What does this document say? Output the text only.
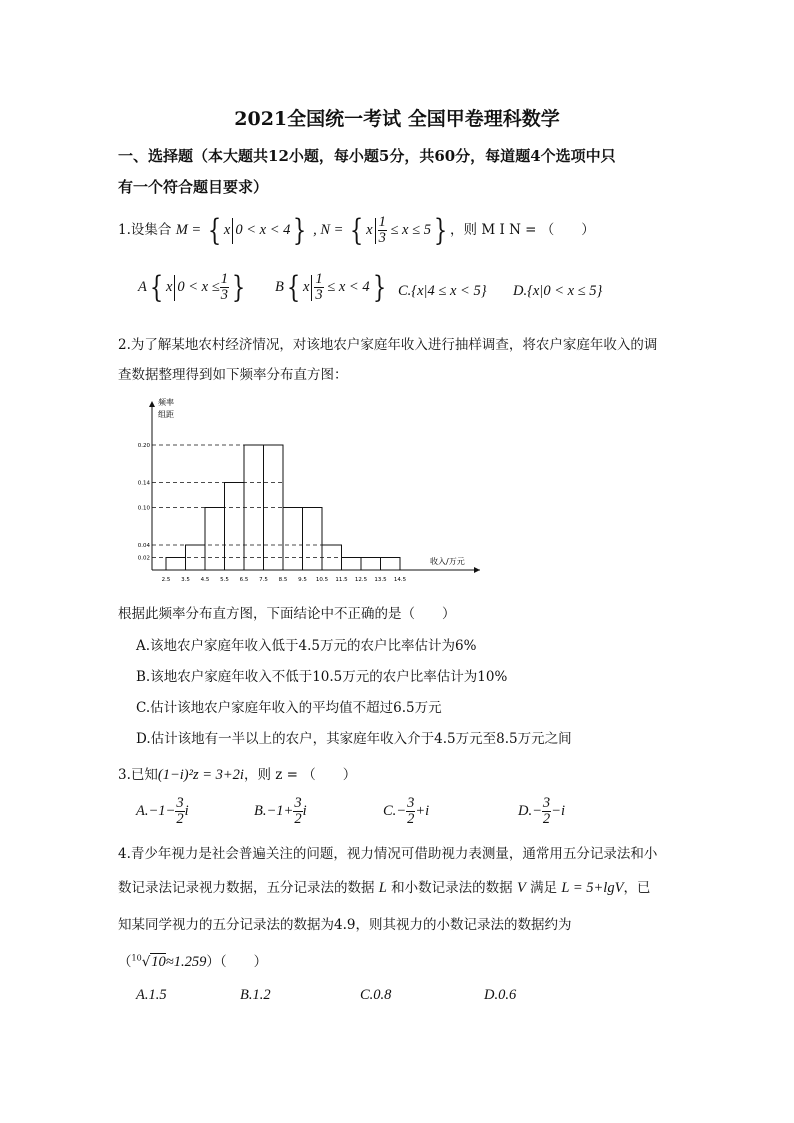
2021全国统一考试 全国甲卷理科数学
一、选择题（本大题共12小题，每小题5分，共60分，每道题4个选项中只
有一个符合题目要求）
1.设集合 M = { x 0 < x < 4} , N = { x $\frac{1}{3} \le x \le 5$} ，则 M I N = （　　）
A{ x $0 < x \le \frac{1}{3}$ } B{ x $\frac{1}{3} \le x < 4$} C.{x|4 ≤ x < 5} D.{x|0 < x ≤ 5}
2.为了解某地农村经济情况，对该地农户家庭年收入进行抽样调查，将农户家庭年收入的调
查数据整理得到如下频率分布直方图：
频率
组距
0.02
0.04
0.10
0.14
0.20
2.5 3.5 4.5 5.5 6.5 7.5 8.5 9.5 10.5 11.5 12.5 13.5 14.5
收入/万元
根据此频率分布直方图，下面结论中不正确的是（　　）
A.该地农户家庭年收入低于4.5万元的农户比率估计为6%
B.该地农户家庭年收入不低于10.5万元的农户比率估计为10%
C.估计该地农户家庭年收入的平均值不超过6.5万元
D.估计该地有一半以上的农户，其家庭年收入介于4.5万元至8.5万元之间
3.已知(1−i)²z = 3+2i，则 z = （　　）
$A.-1- \frac{3}{2}$ i	$B.-1+ \frac{3}{2}$ i	$C.- \frac{3}{2} +i$	$D.- \frac{3}{2} -i$
4.青少年视力是社会普遍关注的问题，视力情况可借助视力表测量，通常用五分记录法和小
数记录法记录视力数据，五分记录法的数据 L 和小数记录法的数据 V 满足 L = 5+lgV，已
知某同学视力的五分记录法的数据为4.9，则其视力的小数记录法的数据约为
（$^{10}$√10≈1.259）（　　）
A.1.5	B.1.2	C.0.8	D.0.6
